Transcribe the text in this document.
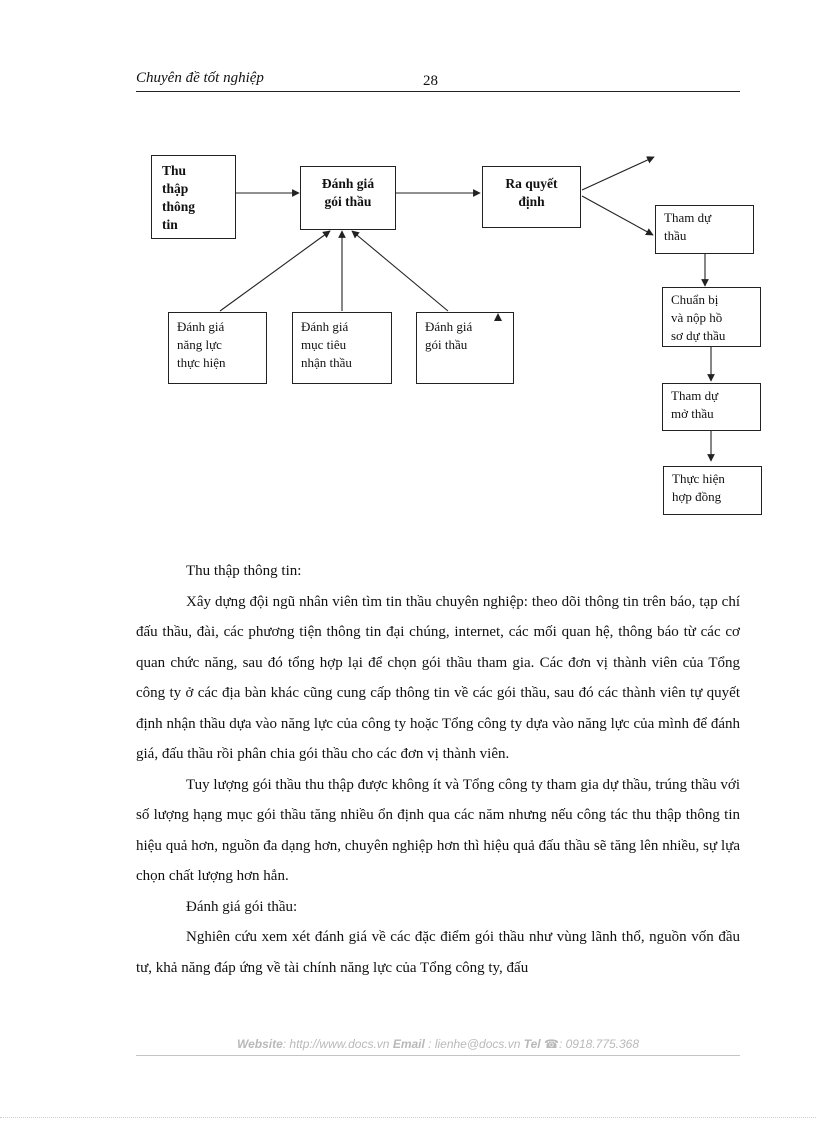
Chuyên đề tốt nghiệp	28
Thu
thập
thông
tin
Đánh giá
gói thầu
Ra quyết
định
Tham dự
thầu
Chuẩn bị
và nộp hồ
sơ dự thầu
Tham dự
mở thầu
Thực hiện
hợp đồng
Đánh giá
năng lực
thực hiện
Đánh giá
mục tiêu
nhận thầu
Đánh giá
gói thầu

Thu thập thông tin:

Xây dựng đội ngũ nhân viên tìm tin thầu chuyên nghiệp: theo dõi thông tin trên báo, tạp chí đấu thầu, đài, các phương tiện thông tin đại chúng, internet, các mối quan hệ, thông báo từ các cơ quan chức năng, sau đó tổng hợp lại để chọn gói thầu tham gia. Các đơn vị thành viên của Tổng công ty ở các địa bàn khác cũng cung cấp thông tin về các gói thầu, sau đó các thành viên tự quyết định nhận thầu dựa vào năng lực của công ty hoặc Tổng công ty dựa vào năng lực của mình để đánh giá, đấu thầu rồi phân chia gói thầu cho các đơn vị thành viên.

Tuy lượng gói thầu thu thập được không ít và Tổng công ty tham gia dự thầu, trúng thầu với số lượng hạng mục gói thầu tăng nhiều ổn định qua các năm nhưng nếu công tác thu thập thông tin hiệu quả hơn, nguồn đa dạng hơn, chuyên nghiệp hơn thì hiệu quả đấu thầu sẽ tăng lên nhiều, sự lựa chọn chất lượng hơn hẳn.

Đánh giá gói thầu:

Nghiên cứu xem xét đánh giá về các đặc điểm gói thầu như vùng lãnh thổ, nguồn vốn đầu tư, khả năng đáp ứng về tài chính năng lực của Tổng công ty, đấu

Website: http://www.docs.vn Email : lienhe@docs.vn Tel ☎: 0918.775.368
